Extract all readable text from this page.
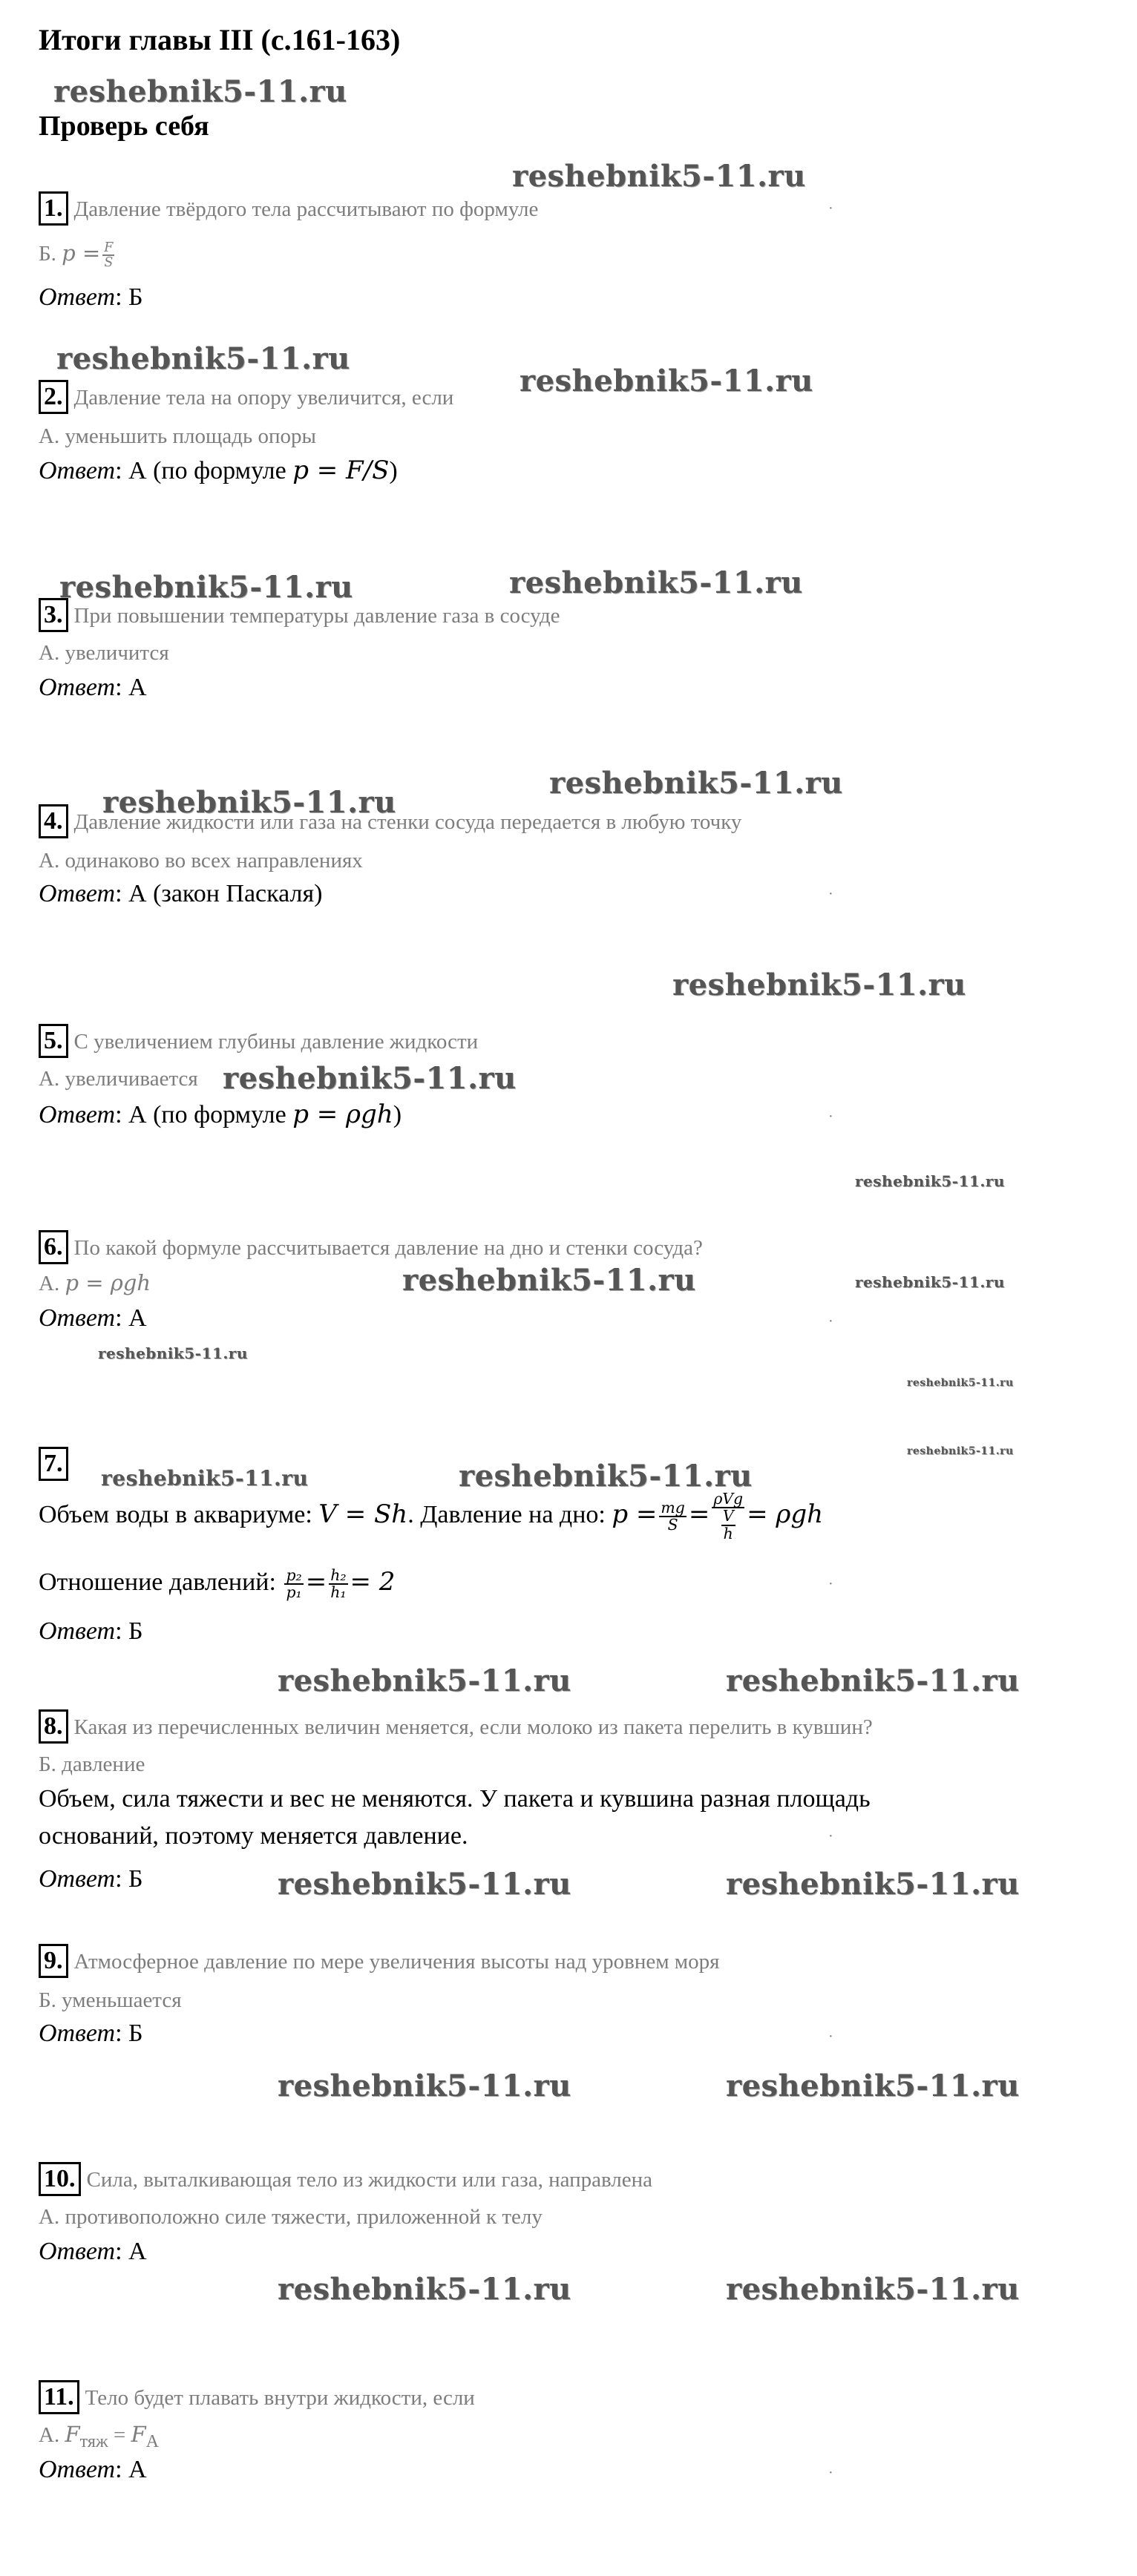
Итоги главы III (с.161-163)
Проверь себя
reshebnik5-11.ru
reshebnik5-11.ru
reshebnik5-11.ru
reshebnik5-11.ru
reshebnik5-11.ru	reshebnik5-11.ru
reshebnik5-11.ru
reshebnik5-11.ru
reshebnik5-11.ru
reshebnik5-11.ru
reshebnik5-11.ru
reshebnik5-11.ru	reshebnik5-11.ru
reshebnik5-11.ru
reshebnik5-11.ru
reshebnik5-11.ru
reshebnik5-11.ru	reshebnik5-11.ru
reshebnik5-11.ru	reshebnik5-11.ru
reshebnik5-11.ru	reshebnik5-11.ru
reshebnik5-11.ru	reshebnik5-11.ru
reshebnik5-11.ru	reshebnik5-11.ru
1. Давление твёрдого тела рассчитывают по формуле
Б. $p = \frac{F}{S}$
Ответ: Б
2. Давление тела на опору увеличится, если
А. уменьшить площадь опоры
Ответ: А (по формуле p = F/S)
3. При повышении температуры давление газа в сосуде
А. увеличится
Ответ: А
4. Давление жидкости или газа на стенки сосуда передается в любую точку
А. одинаково во всех направлениях
Ответ: А (закон Паскаля)
5. С увеличением глубины давление жидкости
А. увеличивается
Ответ: А (по формуле p = ρgh)
6. По какой формуле рассчитывается давление на дно и стенки сосуда?
А. p = ρgh
Ответ: А
7.
Объем воды в аквариуме: V = Sh. Давление на дно: $p = \frac{mg}{S} = \frac{\text{ρVg}}{\frac{V}{h}} = \rho gh$
Отношение давлений: $\frac{\text{p₂}}{\text{p₁}} = \frac{\text{h₂}}{\text{h₁}} = 2$
Ответ: Б
8. Какая из перечисленных величин меняется, если молоко из пакета перелить в кувшин?
Б. давление
Объем, сила тяжести и вес не меняются. У пакета и кувшина разная площадь
оснований, поэтому меняется давление.
Ответ: Б
9. Атмосферное давление по мере увеличения высоты над уровнем моря
Б. уменьшается
Ответ: Б
10. Сила, выталкивающая тело из жидкости или газа, направлена
А. противоположно силе тяжести, приложенной к телу
Ответ: А
11. Тело будет плавать внутри жидкости, если
А. $F_{тяж} = F_A$
Ответ: А
·
·
·
·
·
·
·
·
